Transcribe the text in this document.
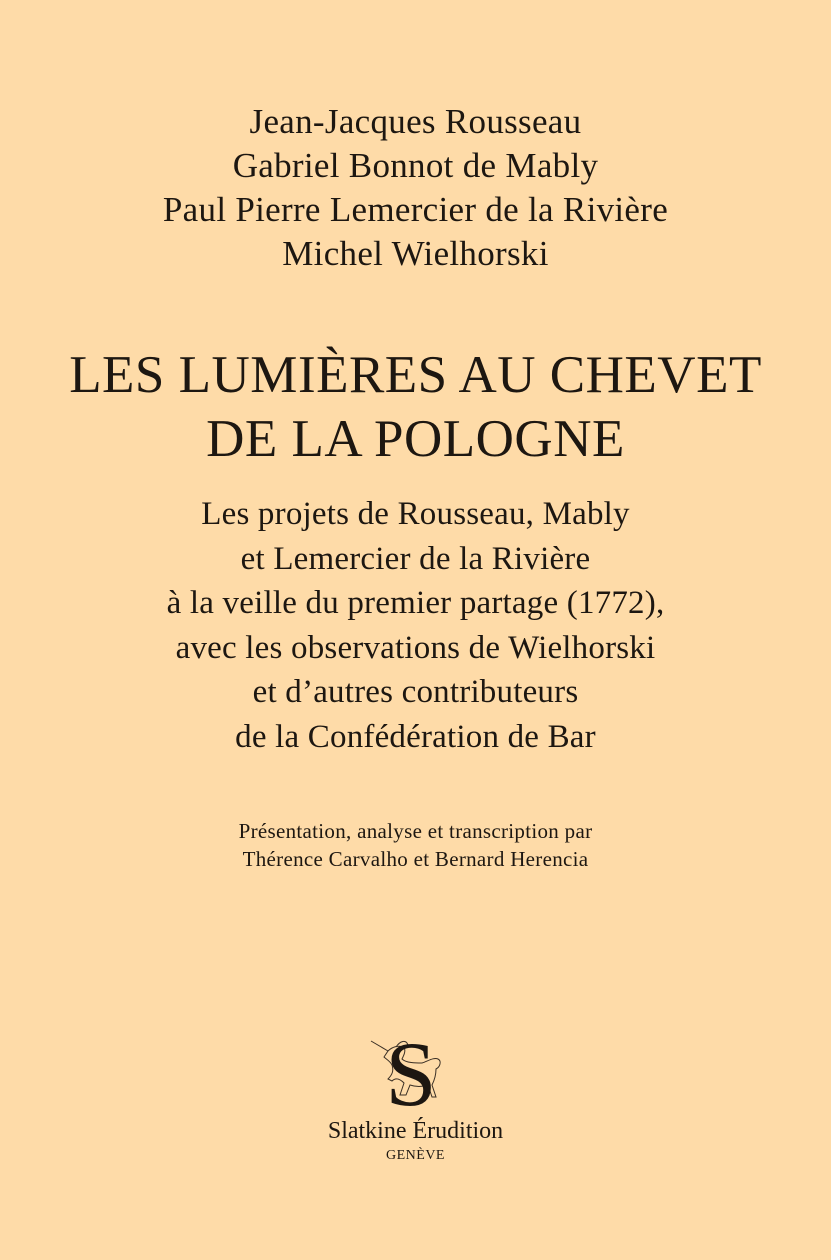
Jean-Jacques Rousseau
Gabriel Bonnot de Mably
Paul Pierre Lemercier de la Rivière
Michel Wielhorski
LES LUMIÈRES AU CHEVET
DE LA POLOGNE
Les projets de Rousseau, Mably
et Lemercier de la Rivière
à la veille du premier partage (1772),
avec les observations de Wielhorski
et d’autres contributeurs
de la Confédération de Bar
Présentation, analyse et transcription par
Thérence Carvalho et Bernard Herencia
S
Slatkine Érudition
GENÈVE
